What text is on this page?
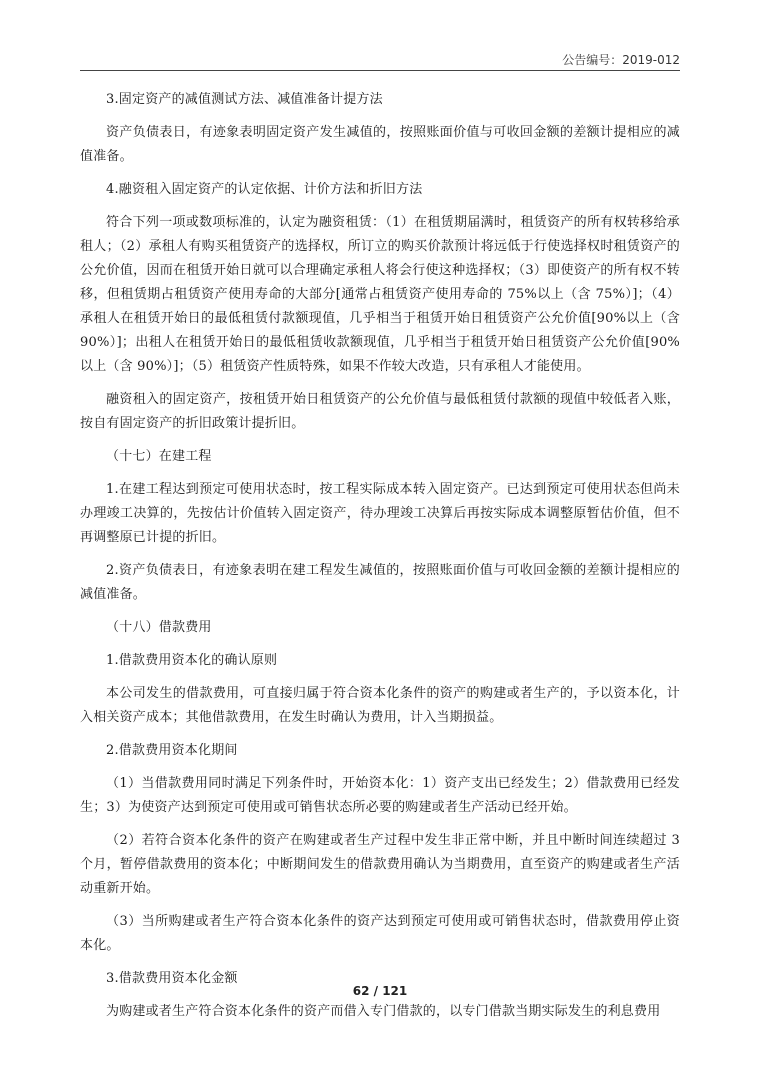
公告编号：2019-012

3.固定资产的减值测试方法、减值准备计提方法

资产负债表日，有迹象表明固定资产发生减值的，按照账面价值与可收回金额的差额计提相应的减值准备。

4.融资租入固定资产的认定依据、计价方法和折旧方法

符合下列一项或数项标准的，认定为融资租赁：（1）在租赁期届满时，租赁资产的所有权转移给承租人；（2）承租人有购买租赁资产的选择权，所订立的购买价款预计将远低于行使选择权时租赁资产的公允价值，因而在租赁开始日就可以合理确定承租人将会行使这种选择权；（3）即使资产的所有权不转移，但租赁期占租赁资产使用寿命的大部分[通常占租赁资产使用寿命的 75%以上（含 75%）]；（4）承租人在租赁开始日的最低租赁付款额现值，几乎相当于租赁开始日租赁资产公允价值[90%以上（含 90%）]；出租人在租赁开始日的最低租赁收款额现值，几乎相当于租赁开始日租赁资产公允价值[90%以上（含 90%）]；（5）租赁资产性质特殊，如果不作较大改造，只有承租人才能使用。

融资租入的固定资产，按租赁开始日租赁资产的公允价值与最低租赁付款额的现值中较低者入账，按自有固定资产的折旧政策计提折旧。

（十七）在建工程

1.在建工程达到预定可使用状态时，按工程实际成本转入固定资产。已达到预定可使用状态但尚未办理竣工决算的，先按估计价值转入固定资产，待办理竣工决算后再按实际成本调整原暂估价值，但不再调整原已计提的折旧。

2.资产负债表日，有迹象表明在建工程发生减值的，按照账面价值与可收回金额的差额计提相应的减值准备。

（十八）借款费用

1.借款费用资本化的确认原则

本公司发生的借款费用，可直接归属于符合资本化条件的资产的购建或者生产的，予以资本化，计入相关资产成本；其他借款费用，在发生时确认为费用，计入当期损益。

2.借款费用资本化期间

（1）当借款费用同时满足下列条件时，开始资本化：1）资产支出已经发生；2）借款费用已经发生；3）为使资产达到预定可使用或可销售状态所必要的购建或者生产活动已经开始。

（2）若符合资本化条件的资产在购建或者生产过程中发生非正常中断，并且中断时间连续超过 3 个月，暂停借款费用的资本化；中断期间发生的借款费用确认为当期费用，直至资产的购建或者生产活动重新开始。

（3）当所购建或者生产符合资本化条件的资产达到预定可使用或可销售状态时，借款费用停止资本化。

3.借款费用资本化金额

为购建或者生产符合资本化条件的资产而借入专门借款的，以专门借款当期实际发生的利息费用

62 / 121
